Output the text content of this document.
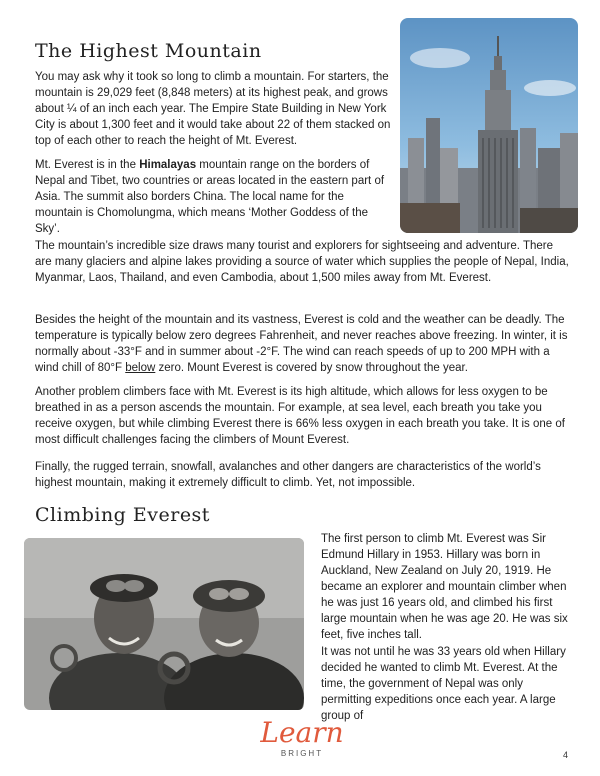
The Highest Mountain

You may ask why it took so long to climb a mountain. For starters, the mountain is 29,029 feet (8,848 meters) at its highest peak, and grows about ¼ of an inch each year. The Empire State Building in New York City is about 1,300 feet and it would take about 22 of them stacked on top of each other to reach the height of Mt. Everest.

Mt. Everest is in the Himalayas mountain range on the borders of Nepal and Tibet, two countries or areas located in the eastern part of Asia. The summit also borders China. The local name for the mountain is Chomolungma, which means ‘Mother Goddess of the Sky’.

The mountain’s incredible size draws many tourist and explorers for sightseeing and adventure. There are many glaciers and alpine lakes providing a source of water which supplies the people of Nepal, India, Myanmar, Laos, Thailand, and even Cambodia, about 1,500 miles away from Mt. Everest.

Besides the height of the mountain and its vastness, Everest is cold and the weather can be deadly. The temperature is typically below zero degrees Fahrenheit, and never reaches above freezing. In winter, it is normally about -33°F and in summer about -2°F. The wind can reach speeds of up to 200 MPH with a wind chill of 80°F below zero. Mount Everest is covered by snow throughout the year.

Another problem climbers face with Mt. Everest is its high altitude, which allows for less oxygen to be breathed in as a person ascends the mountain. For example, at sea level, each breath you take you receive oxygen, but while climbing Everest there is 66% less oxygen in each breath you take. It is one of most difficult challenges facing the climbers of Mount Everest.

Finally, the rugged terrain, snowfall, avalanches and other dangers are characteristics of the world’s highest mountain, making it extremely difficult to climb. Yet, not impossible.

Climbing Everest

The first person to climb Mt. Everest was Sir Edmund Hillary in 1953. Hillary was born in Auckland, New Zealand on July 20, 1919. He became an explorer and mountain climber when he was just 16 years old, and climbed his first large mountain when he was age 20. He was six feet, five inches tall.

It was not until he was 33 years old when Hillary decided he wanted to climb Mt. Everest. At the time, the government of Nepal was only permitting expeditions once each year. A large group of

Learn
BRIGHT	4
